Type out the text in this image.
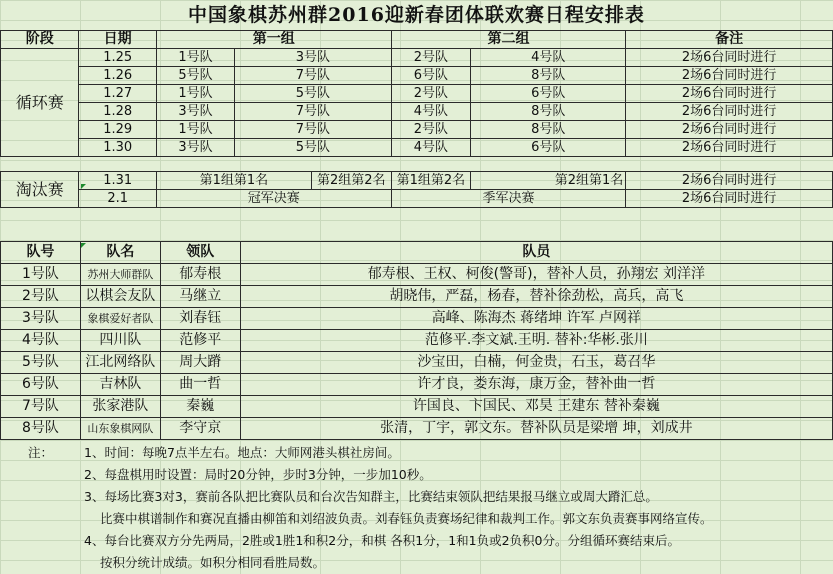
中国象棋苏州群2016迎新春团体联欢赛日程安排表
阶段	日期	第一组			第二组		备注
循环赛	1.25	1号队	3号队		2号队	4号队	2场6台同时进行
	1.26	5号队	7号队		6号队	8号队	2场6台同时进行
	1.27	1号队	5号队		2号队	6号队	2场6台同时进行
	1.28	3号队	7号队		4号队	8号队	2场6台同时进行
	1.29	1号队	7号队		2号队	8号队	2场6台同时进行
	1.30	3号队	5号队		4号队	6号队	2场6台同时进行

淘汰赛	1.31	第1组第1名		第2组第2名	第1组第2名	第2组第1名	2场6台同时进行
	2.1	冠军决赛			季军决赛		2场6台同时进行
队号	队名	领队	队员
1号队	苏州大师群队	郁寿根	郁寿根、王权、柯俊(警哥)，替补人员，孙翔宏 刘洋洋
2号队	以棋会友队	马继立	胡晓伟，严磊，杨春，替补徐劲松，高兵，高飞
3号队	象棋爱好者队	刘春钰	高峰、陈海杰 蒋绪坤 许军 卢网祥
4号队	四川队	范修平	范修平.李文斌.王明. 替补:华彬.张川
5号队	江北网络队	周大蹐	沙宝田，白楠，何金贵，石玉，葛召华
6号队	吉林队	曲一哲	许才良，娄东海，康万金，替补曲一哲
7号队	张家港队	秦巍	许国良、卞国民、邓昊 王建东 替补秦巍
8号队	山东象棋网队	李守京	张清，丁宇，郭文东。替补队员是梁增 坤，刘成井
注： 1、时间：每晚7点半左右。地点：大师网港头棋社房间。
2、每盘棋用时设置：局时20分钟，步时3分钟，一步加10秒。
3、每场比赛3对3，赛前各队把比赛队员和台次告知群主，比赛结束领队把结果报马继立或周大蹐汇总。
比赛中棋谱制作和赛况直播由柳笛和刘绍波负责。刘春钰负责赛场纪律和裁判工作。郭文东负责赛事网络宣传。
4、每台比赛双方分先两局，2胜或1胜1和积2分，和棋 各积1分，1和1负或2负积0分。分组循环赛结束后。
按积分统计成绩。如积分相同看胜局数。
